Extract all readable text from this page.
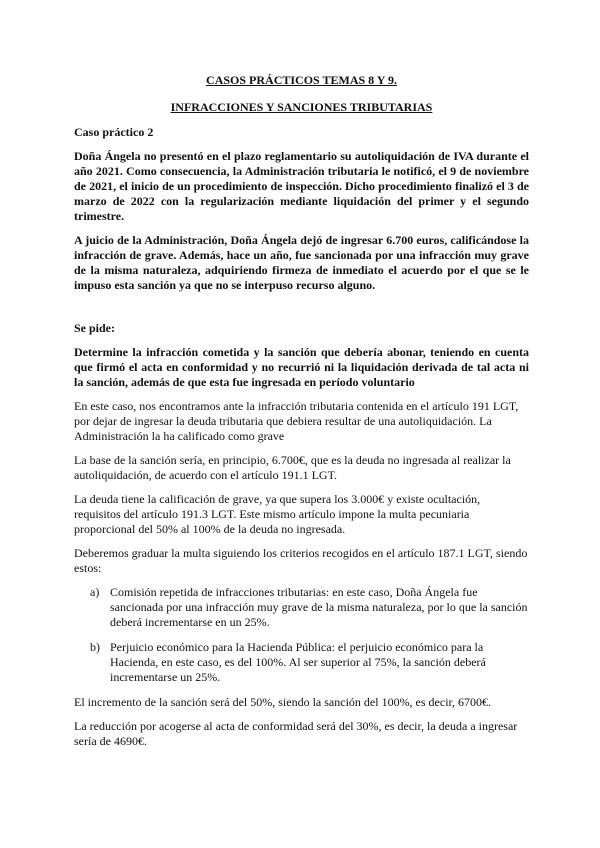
CASOS PRÁCTICOS TEMAS 8 Y 9.

INFRACCIONES Y SANCIONES TRIBUTARIAS

Caso práctico 2

Doña Ángela no presentó en el plazo reglamentario su autoliquidación de IVA durante el año 2021. Como consecuencia, la Administración tributaria le notificó, el 9 de noviembre de 2021, el inicio de un procedimiento de inspección. Dicho procedimiento finalizó el 3 de marzo de 2022 con la regularización mediante liquidación del primer y el segundo trimestre.

A juicio de la Administración, Doña Ángela dejó de ingresar 6.700 euros, calificándose la infracción de grave. Además, hace un año, fue sancionada por una infracción muy grave de la misma naturaleza, adquiriendo firmeza de inmediato el acuerdo por el que se le impuso esta sanción ya que no se interpuso recurso alguno.

Se pide:

Determine la infracción cometida y la sanción que debería abonar, teniendo en cuenta que firmó el acta en conformidad y no recurrió ni la liquidación derivada de tal acta ni la sanción, además de que esta fue ingresada en período voluntario

En este caso, nos encontramos ante la infracción tributaria contenida en el artículo 191 LGT, por dejar de ingresar la deuda tributaria que debiera resultar de una autoliquidación. La Administración la ha calificado como grave

La base de la sanción sería, en principio, 6.700€, que es la deuda no ingresada al realizar la autoliquidación, de acuerdo con el artículo 191.1 LGT.

La deuda tiene la calificación de grave, ya que supera los 3.000€ y existe ocultación, requisitos del artículo 191.3 LGT. Este mismo artículo impone la multa pecuniaria proporcional del 50% al 100% de la deuda no ingresada.

Deberemos graduar la multa siguiendo los criterios recogidos en el artículo 187.1 LGT, siendo estos:

a) Comisión repetida de infracciones tributarias: en este caso, Doña Ángela fue sancionada por una infracción muy grave de la misma naturaleza, por lo que la sanción deberá incrementarse en un 25%.
b) Perjuicio económico para la Hacienda Pública: el perjuicio económico para la Hacienda, en este caso, es del 100%. Al ser superior al 75%, la sanción deberá incrementarse un 25%.

El incremento de la sanción será del 50%, siendo la sanción del 100%, es decir, 6700€.

La reducción por acogerse al acta de conformidad será del 30%, es decir, la deuda a ingresar sería de 4690€.
